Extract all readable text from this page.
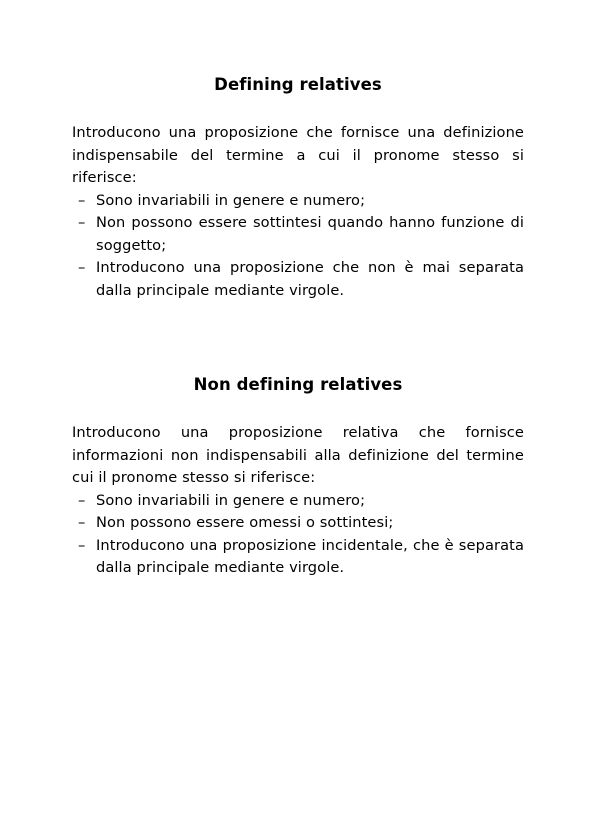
Defining relatives

Introducono una proposizione che fornisce una definizione indispensabile del termine a cui il pronome stesso si riferisce:

– Sono invariabili in genere e numero;
– Non possono essere sottintesi quando hanno funzione di soggetto;
– Introducono una proposizione che non è mai separata dalla principale mediante virgole.
Non defining relatives

Introducono una proposizione relativa che fornisce informazioni non indispensabili alla definizione del termine cui il pronome stesso si riferisce:

– Sono invariabili in genere e numero;
– Non possono essere omessi o sottintesi;
– Introducono una proposizione incidentale, che è separata dalla principale mediante virgole.
